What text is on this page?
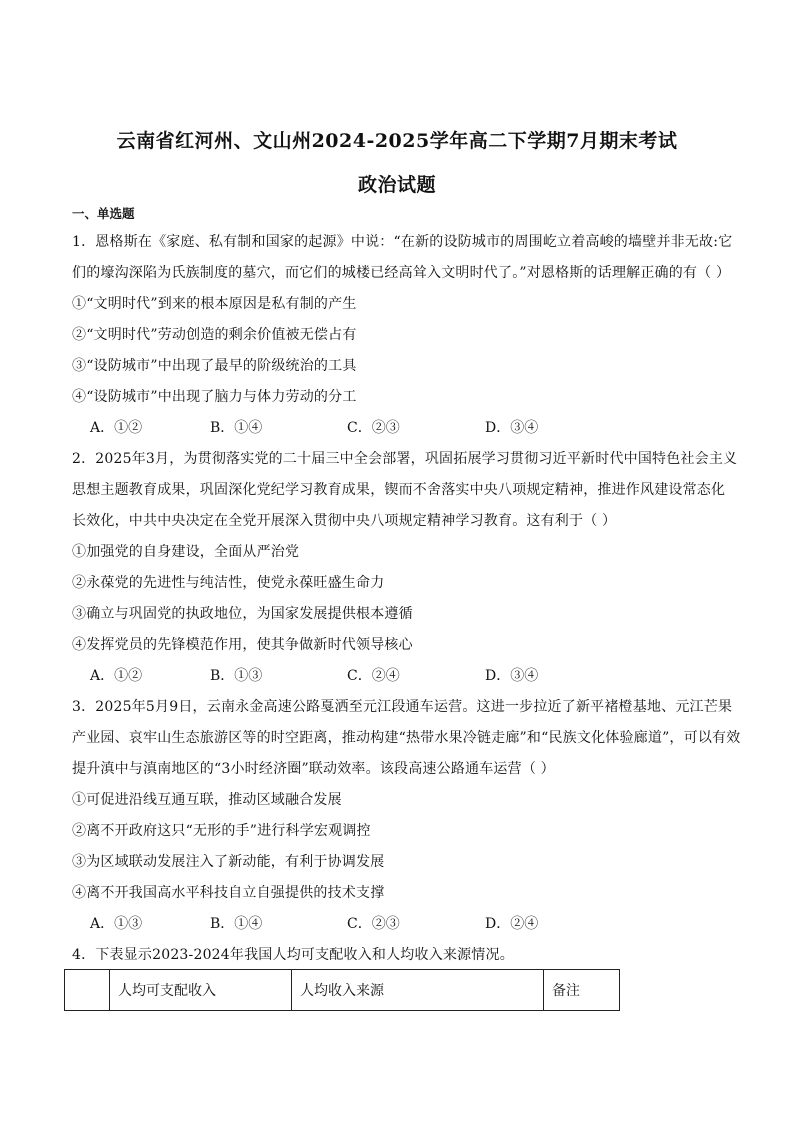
云南省红河州、文山州2024-2025学年高二下学期7月期末考试
政治试题
一、单选题
1．恩格斯在《家庭、私有制和国家的起源》中说：“在新的设防城市的周围屹立着高峻的墙壁并非无故:它
们的壕沟深陷为氏族制度的墓穴，而它们的城楼已经高耸入文明时代了。”对恩格斯的话理解正确的有（ ）
①“文明时代”到来的根本原因是私有制的产生
②“文明时代”劳动创造的剩余价值被无偿占有
③“设防城市”中出现了最早的阶级统治的工具
④“设防城市”中出现了脑力与体力劳动的分工
A．①②	B．①④	C．②③	D．③④
2．2025年3月，为贯彻落实党的二十届三中全会部署，巩固拓展学习贯彻习近平新时代中国特色社会主义
思想主题教育成果，巩固深化党纪学习教育成果，锲而不舍落实中央八项规定精神，推进作风建设常态化
长效化，中共中央决定在全党开展深入贯彻中央八项规定精神学习教育。这有利于（ ）
①加强党的自身建设，全面从严治党
②永葆党的先进性与纯洁性，使党永葆旺盛生命力
③确立与巩固党的执政地位，为国家发展提供根本遵循
④发挥党员的先锋模范作用，使其争做新时代领导核心
A．①②	B．①③	C．②④	D．③④
3．2025年5月9日，云南永金高速公路戛洒至元江段通车运营。这进一步拉近了新平褚橙基地、元江芒果
产业园、哀牢山生态旅游区等的时空距离，推动构建“热带水果冷链走廊”和“民族文化体验廊道”，可以有效
提升滇中与滇南地区的“3小时经济圈”联动效率。该段高速公路通车运营（ ）
①可促进沿线互通互联，推动区域融合发展
②离不开政府这只“无形的手”进行科学宏观调控
③为区域联动发展注入了新动能，有利于协调发展
④离不开我国高水平科技自立自强提供的技术支撑
A．①③	B．①④	C．②③	D．②④
4．下表显示2023-2024年我国人均可支配收入和人均收入来源情况。
	人均可支配收入	人均收入来源	备注
